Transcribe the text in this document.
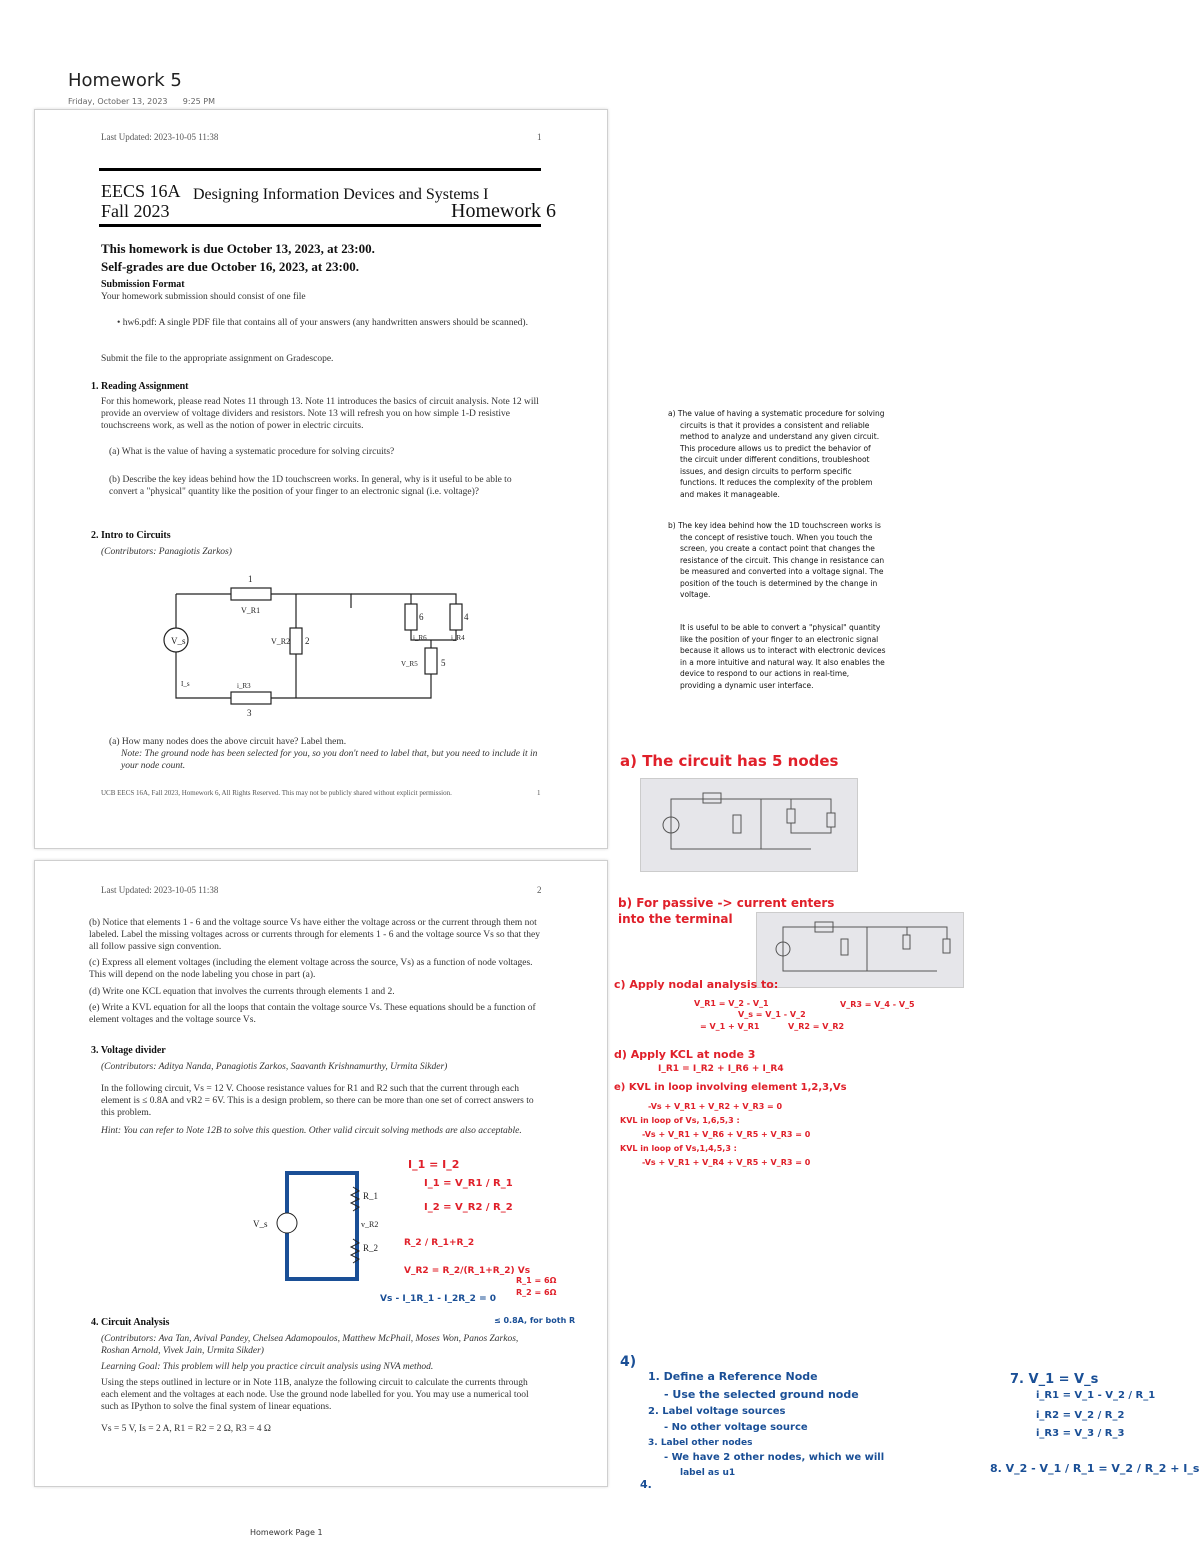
Homework 5
Friday, October 13, 2023 9:25 PM
Last Updated: 2023-10-05 11:38	1
EECS 16A
Fall 2023
Designing Information Devices and Systems I
Homework 6
This homework is due October 13, 2023, at 23:00.
Self-grades are due October 16, 2023, at 23:00.
Submission Format
Your homework submission should consist of one file
• hw6.pdf: A single PDF file that contains all of your answers (any handwritten answers should be scanned).
Submit the file to the appropriate assignment on Gradescope.
1. Reading Assignment
For this homework, please read Notes 11 through 13. Note 11 introduces the basics of circuit analysis. Note 12 will provide an overview of voltage dividers and resistors. Note 13 will refresh you on how simple 1-D resistive touchscreens work, as well as the notion of power in electric circuits.
(a) What is the value of having a systematic procedure for solving circuits?
(b) Describe the key ideas behind how the 1D touchscreen works. In general, why is it useful to be able to convert a "physical" quantity like the position of your finger to an electronic signal (i.e. voltage)?
2. Intro to Circuits
(Contributors: Panagiotis Zarkos)
V_s
1
V_R1
V_R2 2
6
i_R6
4
i_R4
5
V_R5
3
i_R3
I_s
(a) How many nodes does the above circuit have? Label them.
Note: The ground node has been selected for you, so you don't need to label that, but you need to include it in your node count.
UCB EECS 16A, Fall 2023, Homework 6, All Rights Reserved. This may not be publicly shared without explicit permission.	1
Last Updated: 2023-10-05 11:38	2
(b) Notice that elements 1 - 6 and the voltage source Vs have either the voltage across or the current through them not labeled. Label the missing voltages across or currents through for elements 1 - 6 and the voltage source Vs so that they all follow passive sign convention.
(c) Express all element voltages (including the element voltage across the source, Vs) as a function of node voltages. This will depend on the node labeling you chose in part (a).
(d) Write one KCL equation that involves the currents through elements 1 and 2.
(e) Write a KVL equation for all the loops that contain the voltage source Vs. These equations should be a function of element voltages and the voltage source Vs.
3. Voltage divider
(Contributors: Aditya Nanda, Panagiotis Zarkos, Saavanth Krishnamurthy, Urmita Sikder)
In the following circuit, Vs = 12 V. Choose resistance values for R1 and R2 such that the current through each element is ≤ 0.8A and vR2 = 6V. This is a design problem, so there can be more than one set of correct answers to this problem.
Hint: You can refer to Note 12B to solve this question. Other valid circuit solving methods are also acceptable.
V_s
R_1
v_R2
R_2
4. Circuit Analysis
(Contributors: Ava Tan, Avival Pandey, Chelsea Adamopoulos, Matthew McPhail, Moses Won, Panos Zarkos, Roshan Arnold, Vivek Jain, Urmita Sikder)
Learning Goal: This problem will help you practice circuit analysis using NVA method.
Using the steps outlined in lecture or in Note 11B, analyze the following circuit to calculate the currents through each element and the voltages at each node. Use the ground node labelled for you. You may use a numerical tool such as IPython to solve the final system of linear equations.
Vs = 5 V, Is = 2 A, R1 = R2 = 2 Ω, R3 = 4 Ω
a) The value of having a systematic procedure for solving
circuits is that it provides a consistent and reliable
method to analyze and understand any given circuit.
This procedure allows us to predict the behavior of
the circuit under different conditions, troubleshoot
issues, and design circuits to perform specific
functions. It reduces the complexity of the problem
and makes it manageable.
b) The key idea behind how the 1D touchscreen works is
the concept of resistive touch. When you touch the
screen, you create a contact point that changes the
resistance of the circuit. This change in resistance can
be measured and converted into a voltage signal. The
position of the touch is determined by the change in
voltage.
It is useful to be able to convert a "physical" quantity
like the position of your finger to an electronic signal
because it allows us to interact with electronic devices
in a more intuitive and natural way. It also enables the
device to respond to our actions in real-time,
providing a dynamic user interface.
a) The circuit has 5 nodes
b) For passive -> current enters
into the terminal
c) Apply nodal analysis to:
V_R1 = V_2 - V_1
V_s = V_1 - V_2
V_R2 = V_R2
= V_1 + V_R1
V_R3 = V_4 - V_5
d) Apply KCL at node 3
I_R1 = I_R2 + I_R6 + I_R4
e) KVL in loop involving element 1,2,3,Vs
-Vs + V_R1 + V_R2 + V_R3 = 0
KVL in loop of Vs, 1,6,5,3 :
-Vs + V_R1 + V_R6 + V_R5 + V_R3 = 0
KVL in loop of Vs,1,4,5,3 :
-Vs + V_R1 + V_R4 + V_R5 + V_R3 = 0
I_1 = I_2
I_1 = V_R1 / R_1
I_2 = V_R2 / R_2
R_2 / R_1+R_2
V_R2 = R_2/(R_1+R_2) Vs
R_1 = 6Ω
R_2 = 6Ω
Vs - I_1R_1 - I_2R_2 = 0
≤ 0.8A, for both R
4)
1. Define a Reference Node
- Use the selected ground node
2. Label voltage sources
- No other voltage source
3. Label other nodes
- We have 2 other nodes, which we will
label as u1
4.
7. V_1 = V_s
i_R1 = V_1 - V_2 / R_1
i_R2 = V_2 / R_2
i_R3 = V_3 / R_3
8. V_2 - V_1 / R_1 = V_2 / R_2 + I_s
Homework Page 1
